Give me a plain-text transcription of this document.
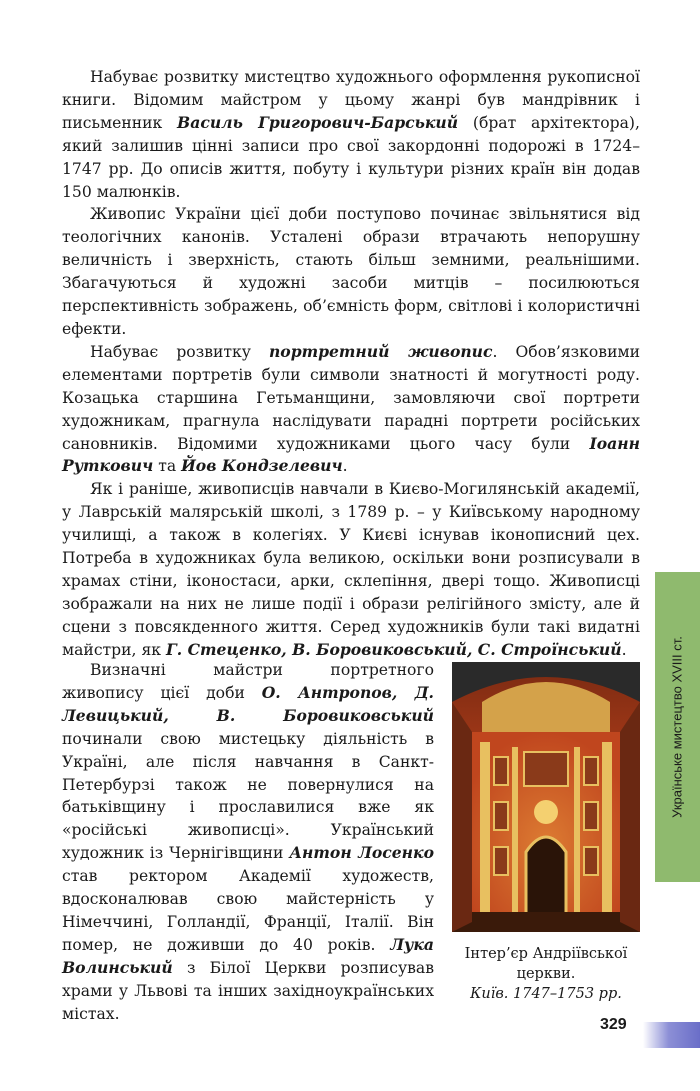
Набуває розвитку мистецтво художнього оформлення рукописної книги. Відомим майстром у цьому жанрі був мандрівник і письменник Василь Григорович-Барський (брат архітектора), який залишив цінні записи про свої закордонні подорожі в 1724–1747 рр. До описів життя, побуту і культури різних країн він додав 150 малюнків.

Живопис України цієї доби поступово починає звільнятися від теологічних канонів. Усталені образи втрачають непорушну величність і зверхність, стають більш земними, реальнішими. Збагачуються й художні засоби митців – посилюються перспективність зображень, об’ємність форм, світлові і колористичні ефекти.

Набуває розвитку портретний живопис. Обов’язковими елементами портретів були символи знатності й могутності роду. Козацька старшина Гетьманщини, замовляючи свої портрети художникам, прагнула наслідувати парадні портрети російських сановників. Відомими художниками цього часу були Іоанн Руткович та Йов Кондзелевич.

Як і раніше, живописців навчали в Києво-Могилянській академії, у Лаврській малярській школі, з 1789 р. – у Київському народному училищі, а також в колегіях. У Києві існував іконописний цех. Потреба в художниках була великою, оскільки вони розписували в храмах стіни, іконостаси, арки, склепіння, двері тощо. Живописці зображали на них не лише події і образи релігійного змісту, але й сцени з повсякденного життя. Серед художників були такі видатні майстри, як Г. Стеценко, В. Боровиковський, С. Строїнський.

Визначні майстри портретного живопису цієї доби О. Антропов, Д. Левицький, В. Боровиковський починали свою мистецьку діяльність в Україні, але після навчання в Санкт-Петербурзі також не повернулися на батьківщину і прославилися вже як «російські живописці». Український художник із Чернігівщини Антон Лосенко став ректором Академії художеств, вдосконалював свою майстерність у Німеччині, Голландії, Франції, Італії. Він помер, не доживши до 40 років. Лука Волинський з Білої Церкви розписував храми у Львові та інших західноукраїнських містах.

Інтер’єр Андріївської
церкви.
Київ. 1747–1753 рр.
Українське мистецтво XVIII ст.
329
